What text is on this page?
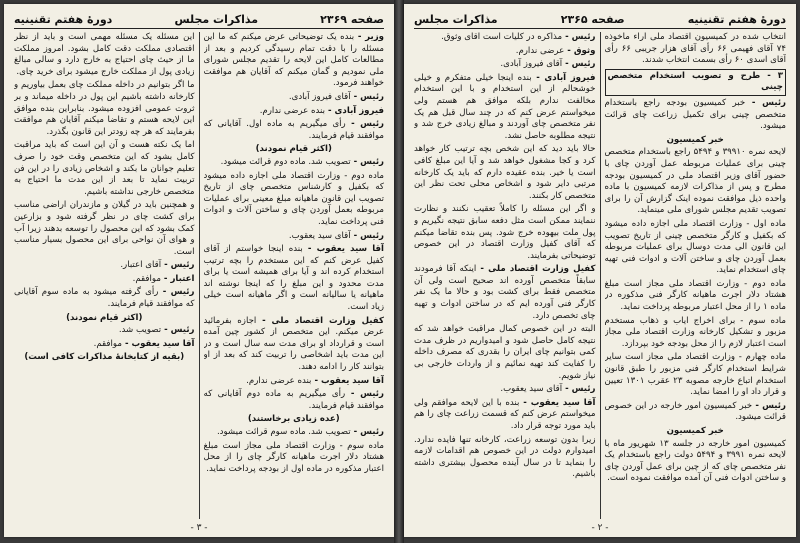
صفحه ۲۳۶۹
مذاکرات مجلس
دورهٔ هفتم تقنینیه

وزیر - بنده یک توضیحاتی عرض میکنم که ما این مسئله را با دقت تمام رسیدگی کردیم و بعد از مطالعات کامل این لایحه را تقدیم مجلس شورای ملی نمودیم و گمان میکنم که آقایان هم موافقت خواهند فرمود.

رئیس - آقای فیروز آبادی.

فیروز آبادی - بنده عرضی ندارم.

رئیس - رأی میگیریم به ماده اول. آقایانی که موافقند قیام فرمایند.

(اکثر قیام نمودند)

رئیس - تصویب شد. ماده دوم قرائت میشود.

ماده دوم - وزارت اقتصاد ملی اجازه داده میشود که بکفیل و کارشناس متخصص چای از تاریخ تصویب این قانون ماهیانه مبلغ معینی برای عملیات مربوطه بعمل آوردن چای و ساختن آلات و ادوات فنی پرداخت نماید.

رئیس - آقای سید یعقوب.

آقا سید یعقوب - بنده اینجا خواستم از آقای کفیل عرض کنم که این مستخدم را بچه ترتیب استخدام کرده اند و آیا برای همیشه است یا برای مدت محدود و این مبلغ را که اینجا نوشته اند ماهیانه یا سالیانه است و اگر ماهیانه است خیلی زیاد است.

کفیل وزارت اقتصاد ملی - اجازه بفرمائید عرض میکنم. این متخصص از کشور چین آمده است و قرارداد او برای مدت سه سال است و در این مدت باید اشخاصی را تربیت کند که بعد از او بتوانند کار را ادامه دهند.

آقا سید یعقوب - بنده عرضی ندارم.

رئیس - رأی میگیریم به ماده دوم آقایانی که موافقند قیام فرمایند.

(عده زیادی برخاستند)

رئیس - تصویب شد. ماده سوم قرائت میشود.

ماده سوم - وزارت اقتصاد ملی مجاز است مبلغ هشتاد دلار اجرت ماهیانه کارگر چای را از محل اعتبار مذکوره در ماده اول از بودجه پرداخت نماید.

این مسئله یک مسئله مهمی است و باید از نظر اقتصادی مملکت دقت کامل بشود. امروز مملکت ما از حیث چای احتیاج به خارج دارد و سالی مبالغ زیادی پول از مملکت خارج میشود برای خرید چای.

ما اگر بتوانیم در داخله مملکت چای بعمل بیاوریم و کارخانه داشته باشیم این پول در داخله میماند و بر ثروت عمومی افزوده میشود. بنابراین بنده موافق این لایحه هستم و تقاضا میکنم آقایان هم موافقت بفرمایند که هر چه زودتر این قانون بگذرد.

اما یک نکته هست و آن این است که باید مراقبت کامل بشود که این متخصص وقت خود را صرف تعلیم جوانان ما بکند و اشخاص زیادی را در این فن تربیت نماید تا بعد از این مدت ما احتیاج به متخصص خارجی نداشته باشیم.

و همچنین باید در گیلان و مازندران اراضی مناسب برای کشت چای در نظر گرفته شود و بزارعین کمک بشود که این محصول را توسعه بدهند زیرا آب و هوای آن نواحی برای این محصول بسیار مناسب است.

رئیس - آقای اعتبار.

اعتبار - موافقم.

رئیس - رأی گرفته میشود به ماده سوم آقایانی که موافقند قیام فرمایند.

(اکثر قیام نمودند)

رئیس - تصویب شد.

آقا سید یعقوب - موافقم.

(بقیه از کتابخانهٔ مذاکرات کافی است)
- ۳ -
دورهٔ هفتم تقنینیه
صفحه ۲۳۶۵
مذاکرات مجلس

انتخاب شده در کمیسیون اقتصاد ملی آراء مأخوذه ۷۴ آقای فهیمی ۶۶ رأی آقای هزار جریبی ۶۶ رأی آقای اسدی ۶۰ رأی بسمت انتخاب شدند.

۳ - طرح و تصویب استخدام متخصص چینی

رئیس - خبر کمیسیون بودجه راجع باستخدام متخصص چینی برای تکمیل زراعت چای قرائت میشود.

خبر کمیسیون

لایحه نمره ۳۹۹۱۰ و ۵۴۹۴ راجع باستخدام متخصص چینی برای عملیات مربوطه عمل آوردن چای با حضور آقای وزیر اقتصاد ملی در کمیسیون بودجه مطرح و پس از مذاکرات لازمه کمیسیون با ماده واحده ذیل موافقت نموده اینک گزارش آن را برای تصویب تقدیم مجلس شورای ملی مینماید.

ماده اول - وزارت اقتصاد ملی اجازه داده میشود که بکفیل و کارگر متخصص چینی از تاریخ تصویب این قانون الی مدت دوسال برای عملیات مربوطه بعمل آوردن چای و ساختن آلات و ادوات فنی تهیه چای استخدام نماید.

ماده دوم - وزارت اقتصاد ملی مجاز است مبلغ هشتاد دلار اجرت ماهیانه کارگر فنی مذکوره در ماده ۱ را از محل اعتبار مربوطه پرداخت نماید.

ماده سوم - برای اخراج ایاب و ذهاب مستخدم مزبور و تشکیل کارخانه وزارت اقتصاد ملی مجاز است اعتبار لازم را از محل بودجه خود بپردازد.

ماده چهارم - وزارت اقتصاد ملی مجاز است سایر شرایط استخدام کارگر فنی مزبور را طبق قانون استخدام اتباع خارجه مصوبه ۲۳ عقرب ۱۳۰۱ تعیین و قرار داد او را امضا نماید.

رئیس - خبر کمیسیون امور خارجه در این خصوص قرائت میشود.

خبر کمیسیون

کمیسیون امور خارجه در جلسه ۱۳ شهریور ماه با لایحه نمره ۳۹۹۱ و ۵۴۹۴ دولت راجع باستخدام یک نفر متخصص چای که از چین برای عمل آوردن چای و ساختن ادوات فنی آن آمده موافقت نموده است.

رئیس - مذاکره در کلیات است آقای وثوق.

وثوق - عرضی ندارم.

رئیس - آقای فیروز آبادی.

فیروز آبادی - بنده اینجا خیلی متفکرم و خیلی خوشحالم از این استخدام و با این استخدام مخالفت ندارم بلکه موافق هم هستم ولی میخواستم عرض کنم که در چند سال قبل هم یک نفر متخصص چای آوردند و مبالغ زیادی خرج شد و نتیجه مطلوبه حاصل نشد.

حالا باید دید که این شخص بچه ترتیب کار خواهد کرد و کجا مشغول خواهد شد و آیا این مبلغ کافی است یا خیر. بنده عقیده دارم که باید یک کارخانه مرتبی دایر شود و اشخاص محلی تحت نظر این متخصص کار بکنند.

و اگر این مسئله را کاملاً تعقیب نکنند و نظارت ننمایند ممکن است مثل دفعه سابق نتیجه نگیریم و پول ملت بیهوده خرج شود. پس بنده تقاضا میکنم که آقای کفیل وزارت اقتصاد در این خصوص توضیحاتی بفرمایند.

کفیل وزارت اقتصاد ملی - اینکه آقا فرمودند سابقاً متخصص آورده اند صحیح است ولی آن متخصص فقط برای کشت بود و حالا ما یک نفر کارگر فنی آورده ایم که در ساختن ادوات و تهیه چای تخصص دارد.

البته در این خصوص کمال مراقبت خواهد شد که نتیجه کامل حاصل شود و امیدواریم در ظرف مدت کمی بتوانیم چای ایران را بقدری که مصرف داخله را کفایت کند تهیه نمائیم و از واردات خارجی بی نیاز شویم.

رئیس - آقای سید یعقوب.

آقا سید یعقوب - بنده با این لایحه موافقم ولی میخواستم عرض کنم که قسمت زراعت چای را هم باید مورد توجه قرار داد.

زیرا بدون توسعه زراعت، کارخانه تنها فایده ندارد. امیدوارم دولت در این خصوص هم اقدامات لازمه را بنماید تا در سال آینده محصول بیشتری داشته باشیم.

- ۲ -
